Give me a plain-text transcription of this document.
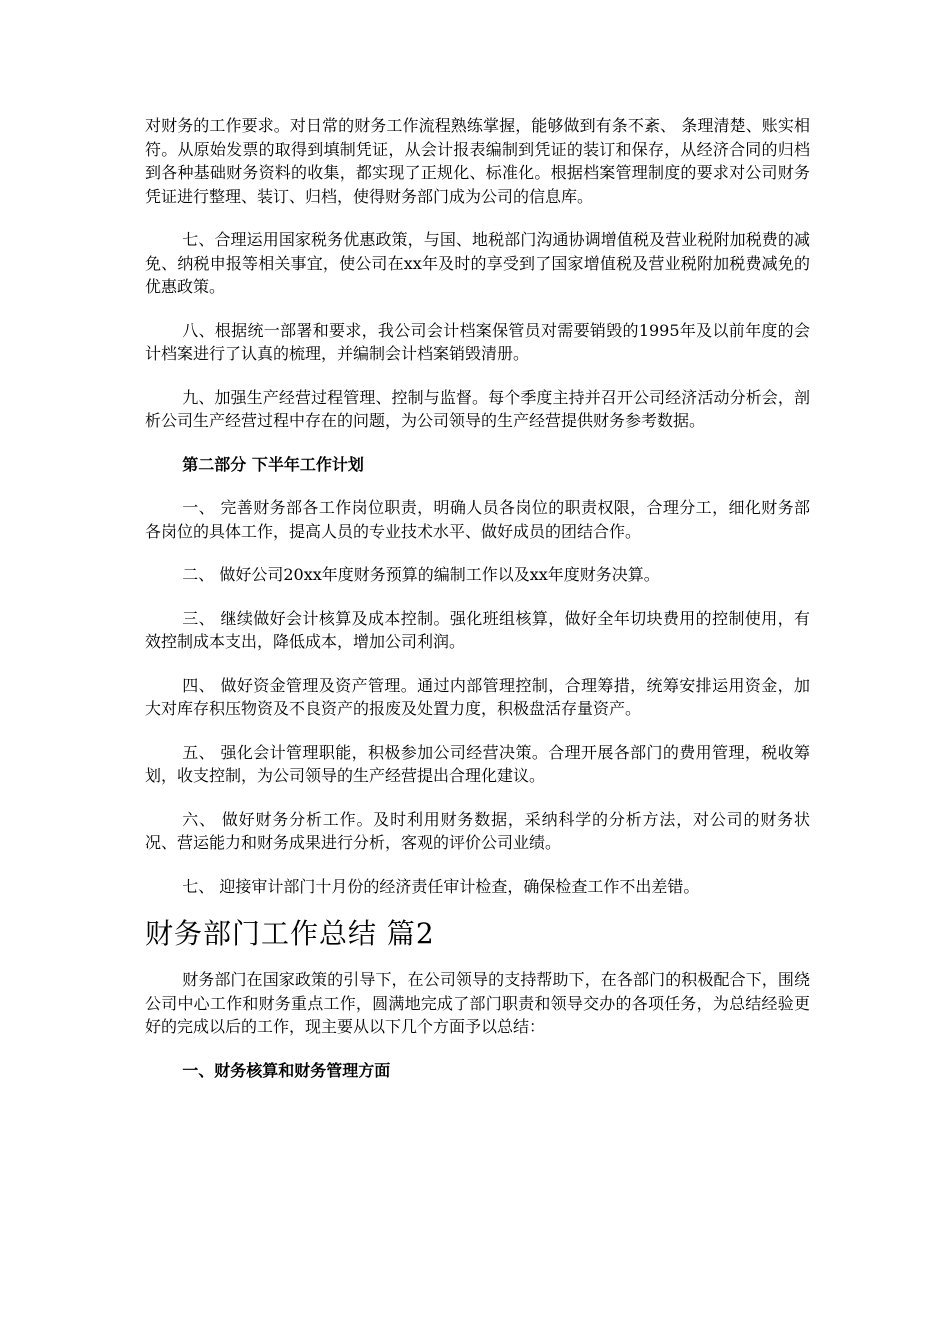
对财务的工作要求。对日常的财务工作流程熟练掌握，能够做到有条不紊、 条理清楚、账实相符。从原始发票的取得到填制凭证，从会计报表编制到凭证的装订和保存，从经济合同的归档到各种基础财务资料的收集，都实现了正规化、标准化。根据档案管理制度的要求对公司财务凭证进行整理、装订、归档，使得财务部门成为公司的信息库。

七、合理运用国家税务优惠政策，与国、地税部门沟通协调增值税及营业税附加税费的减免、纳税申报等相关事宜，使公司在xx年及时的享受到了国家增值税及营业税附加税费减免的优惠政策。

八、根据统一部署和要求，我公司会计档案保管员对需要销毁的1995年及以前年度的会计档案进行了认真的梳理，并编制会计档案销毁清册。

九、加强生产经营过程管理、控制与监督。每个季度主持并召开公司经济活动分析会，剖析公司生产经营过程中存在的问题，为公司领导的生产经营提供财务参考数据。

第二部分 下半年工作计划

一、 完善财务部各工作岗位职责，明确人员各岗位的职责权限，合理分工，细化财务部各岗位的具体工作，提高人员的专业技术水平、做好成员的团结合作。

二、 做好公司20xx年度财务预算的编制工作以及xx年度财务决算。

三、 继续做好会计核算及成本控制。强化班组核算，做好全年切块费用的控制使用，有效控制成本支出，降低成本，增加公司利润。

四、 做好资金管理及资产管理。通过内部管理控制，合理筹措，统筹安排运用资金，加大对库存积压物资及不良资产的报废及处置力度，积极盘活存量资产。

五、 强化会计管理职能，积极参加公司经营决策。合理开展各部门的费用管理，税收筹划，收支控制，为公司领导的生产经营提出合理化建议。

六、 做好财务分析工作。及时利用财务数据，采纳科学的分析方法，对公司的财务状况、营运能力和财务成果进行分析，客观的评价公司业绩。

七、 迎接审计部门十月份的经济责任审计检查，确保检查工作不出差错。

财务部门工作总结 篇2

财务部门在国家政策的引导下，在公司领导的支持帮助下，在各部门的积极配合下，围绕公司中心工作和财务重点工作，圆满地完成了部门职责和领导交办的各项任务，为总结经验更好的完成以后的工作，现主要从以下几个方面予以总结：

一、财务核算和财务管理方面
